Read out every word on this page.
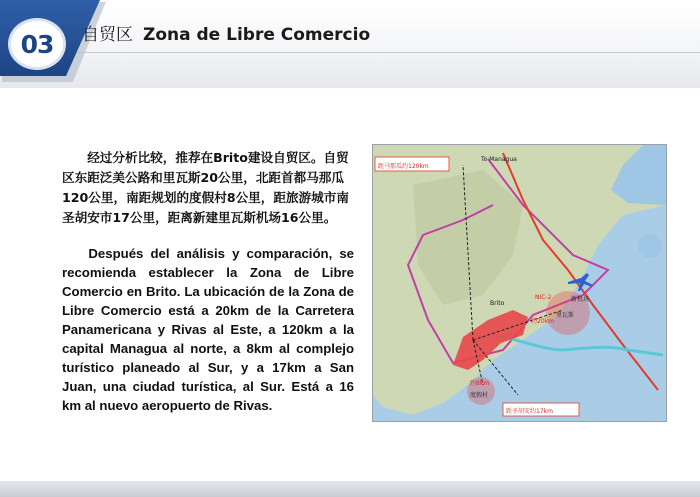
03	自贸区 Zona de Libre Comercio

经过分析比较，推荐在Brito建设自贸区。自贸区东距泛美公路和里瓦斯20公里，北距首都马那瓜120公里，南距规划的度假村8公里，距旅游城市南圣胡安市17公里，距离新建里瓦斯机场16公里。

Después del análisis y comparación, se recomienda establecer la Zona de Libre Comercio en Brito. La ubicación de la Zona de Libre Comercio está a 20km de la Carretera Panamericana y Rivas al Este, a 120km a la capital Managua al norte, a 8km al complejo turístico planeado al Sur, y a 17km a San Juan, una ciudad turística, al Sur. Está a 16 km al nuevo aeropuerto de Rivas.

距马那瓜约120km
To Managua
NIC-2
里瓦斯
约20km
新机场
Brito
约8km
度假村
距圣胡安约17km
